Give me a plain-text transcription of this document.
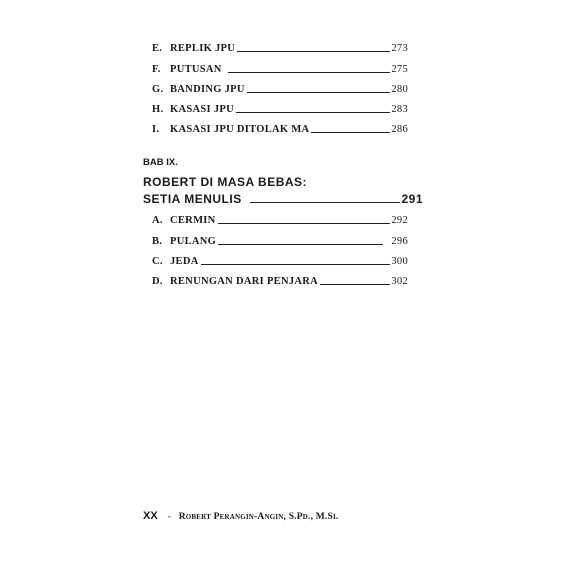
E. REPLIK JPU	273
F. PUTUSAN	275
G. BANDING JPU	280
H. KASASI JPU	283
I.	KASASI JPU DITOLAK MA	286
BAB IX.
ROBERT DI MASA BEBAS:
SETIA MENULIS	291
A. CERMIN	292
B. PULANG	296
C. JEDA	300
D. RENUNGAN DARI PENJARA	302
XX - Robert Perangin-Angin, S.Pd., M.Si.
